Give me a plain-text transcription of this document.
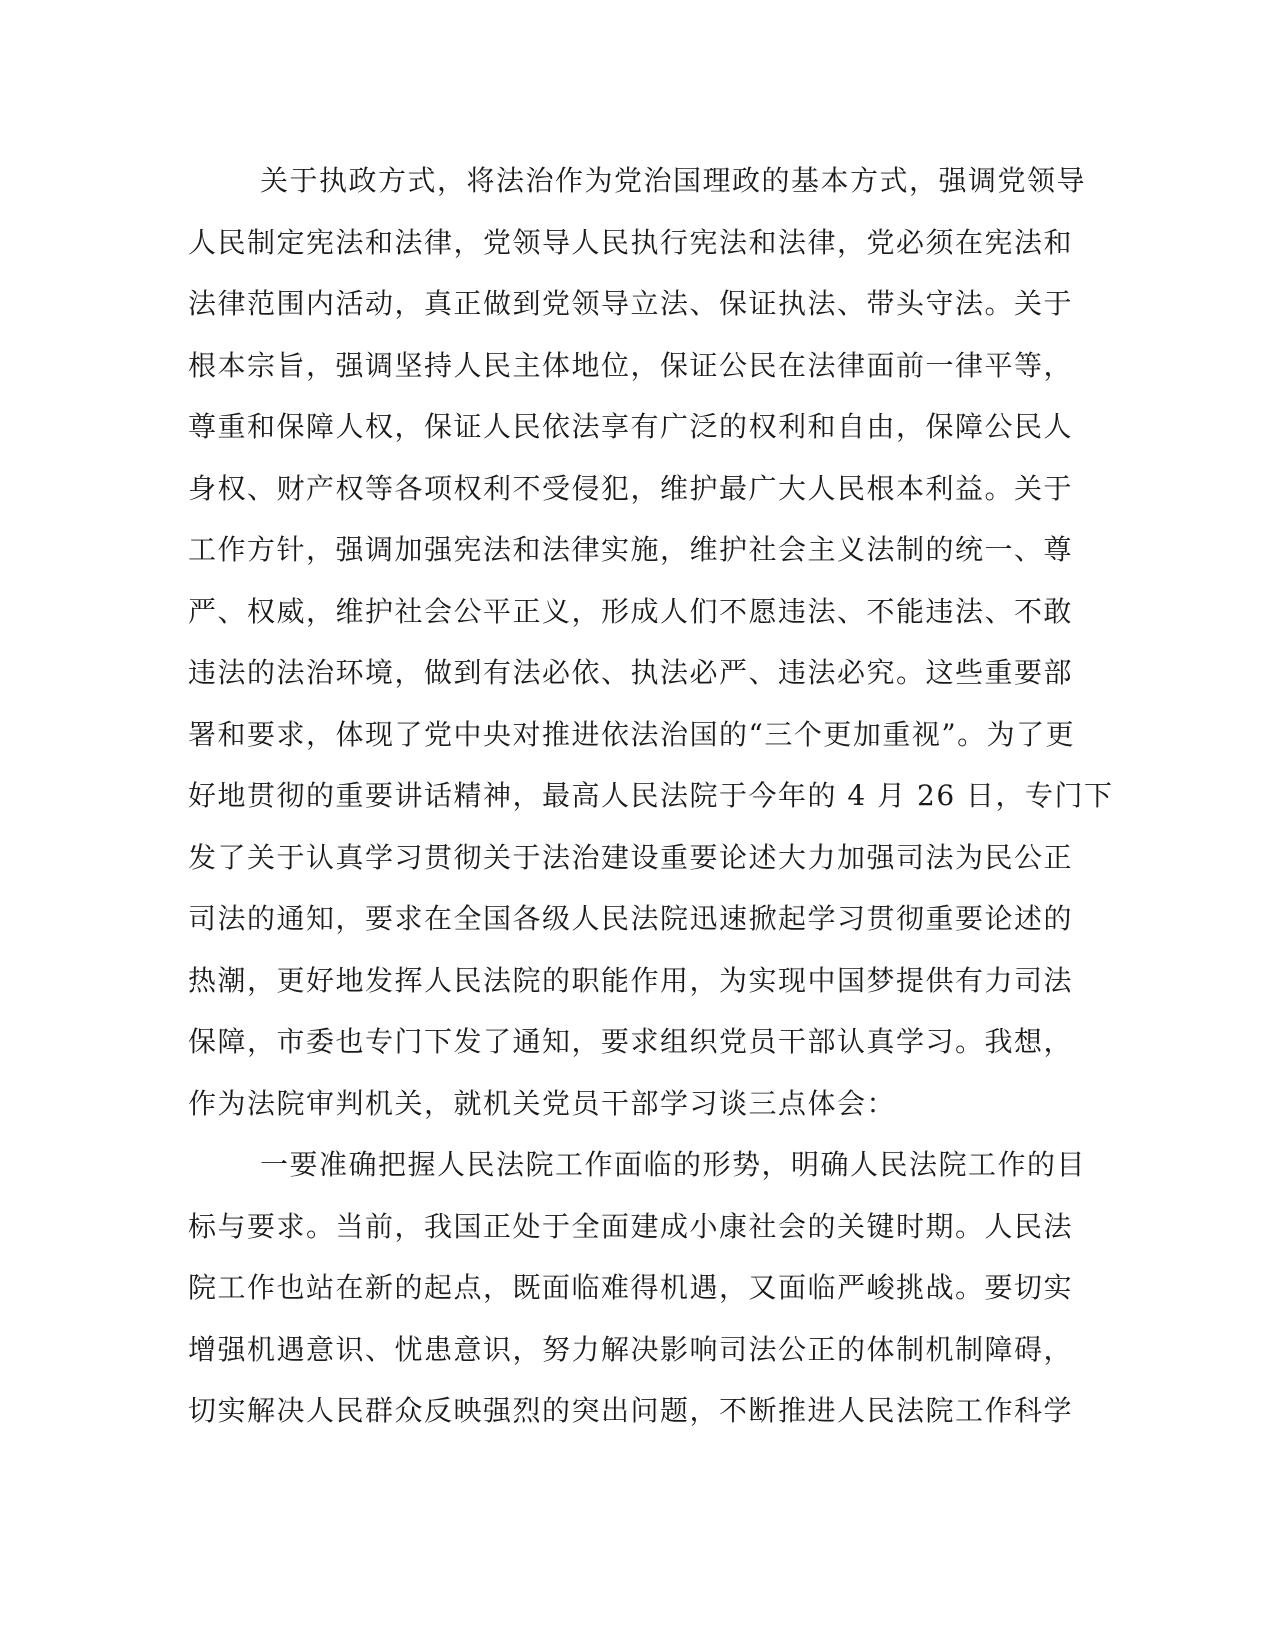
关于执政方式，将法治作为党治国理政的基本方式，强调党领导
人民制定宪法和法律，党领导人民执行宪法和法律，党必须在宪法和
法律范围内活动，真正做到党领导立法、保证执法、带头守法。关于
根本宗旨，强调坚持人民主体地位，保证公民在法律面前一律平等，
尊重和保障人权，保证人民依法享有广泛的权利和自由，保障公民人
身权、财产权等各项权利不受侵犯，维护最广大人民根本利益。关于
工作方针，强调加强宪法和法律实施，维护社会主义法制的统一、尊
严、权威，维护社会公平正义，形成人们不愿违法、不能违法、不敢
违法的法治环境，做到有法必依、执法必严、违法必究。这些重要部
署和要求，体现了党中央对推进依法治国的“三个更加重视”。为了更
好地贯彻的重要讲话精神，最高人民法院于今年的 4 月 26 日，专门下
发了关于认真学习贯彻关于法治建设重要论述大力加强司法为民公正
司法的通知，要求在全国各级人民法院迅速掀起学习贯彻重要论述的
热潮，更好地发挥人民法院的职能作用，为实现中国梦提供有力司法
保障，市委也专门下发了通知，要求组织党员干部认真学习。我想，
作为法院审判机关，就机关党员干部学习谈三点体会：
一要准确把握人民法院工作面临的形势，明确人民法院工作的目
标与要求。当前，我国正处于全面建成小康社会的关键时期。人民法
院工作也站在新的起点，既面临难得机遇，又面临严峻挑战。要切实
增强机遇意识、忧患意识，努力解决影响司法公正的体制机制障碍，
切实解决人民群众反映强烈的突出问题，不断推进人民法院工作科学
